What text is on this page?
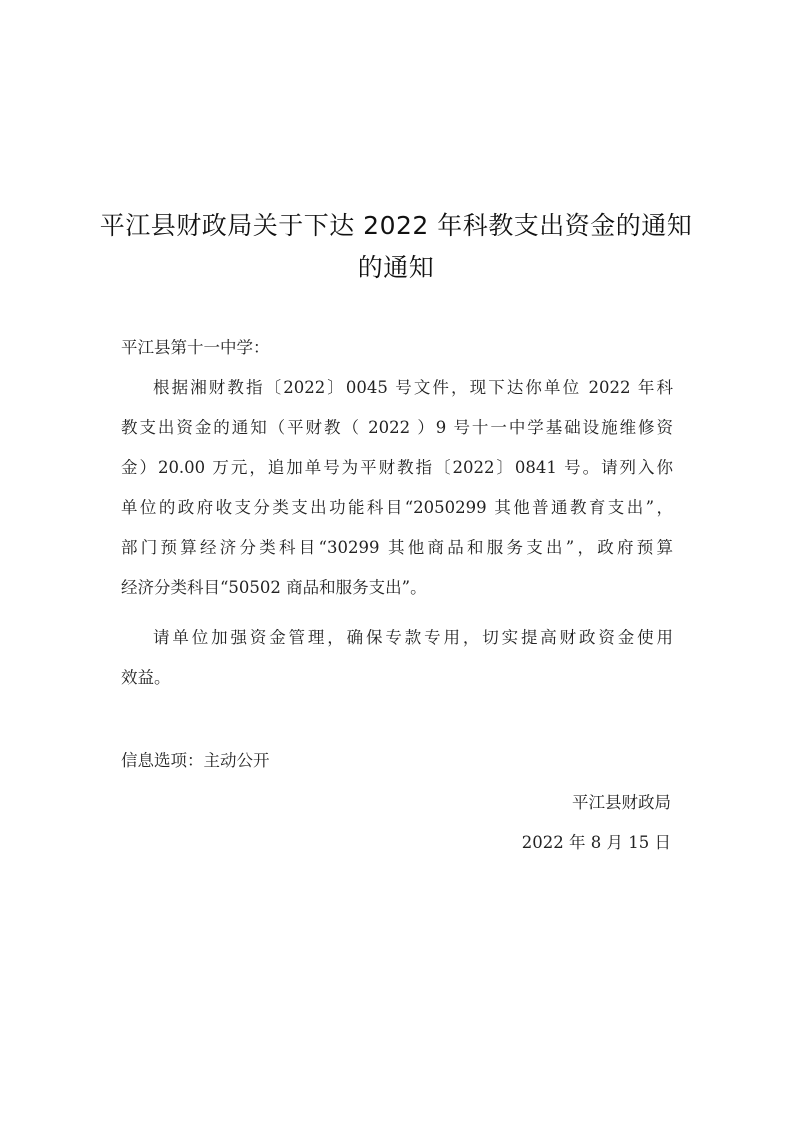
平江县财政局关于下达 2022 年科教支出资金的通知
的通知
平江县第十一中学：
根据湘财教指〔2022〕0045 号文件，现下达你单位 2022 年科
教支出资金的通知（平财教（ 2022 ）9 号十一中学基础设施维修资
金）20.00 万元，追加单号为平财教指〔2022〕0841 号。请列入你
单位的政府收支分类支出功能科目“2050299 其他普通教育支出”，
部门预算经济分类科目“30299 其他商品和服务支出”，政府预算
经济分类科目“50502 商品和服务支出”。
请单位加强资金管理，确保专款专用，切实提高财政资金使用
效益。
信息选项：主动公开
平江县财政局
2022 年 8 月 15 日
